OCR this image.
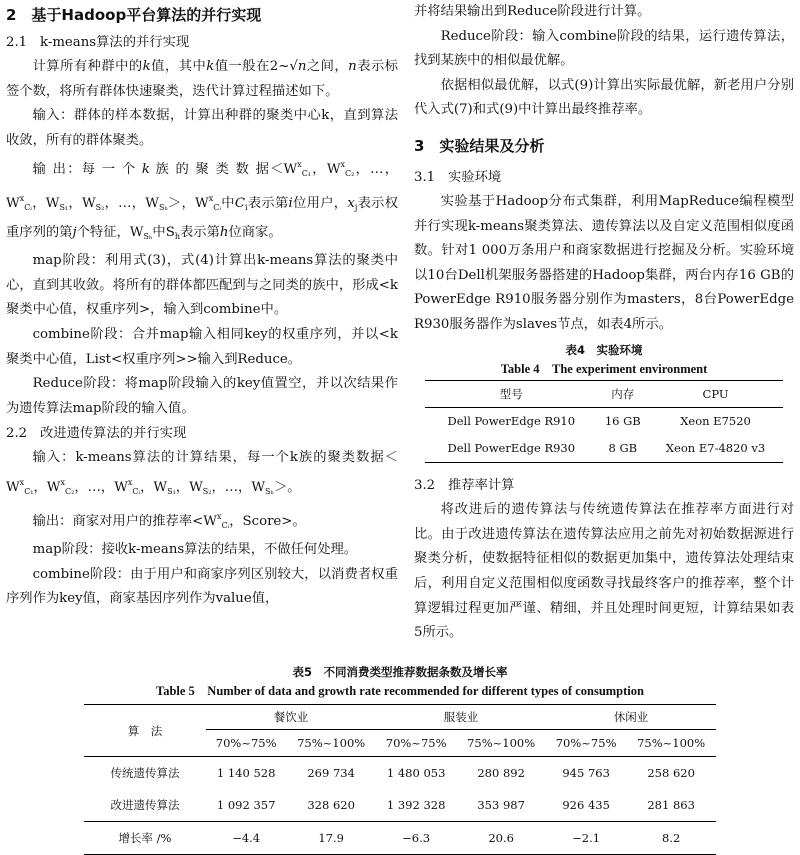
2　基于Hadoop平台算法的并行实现

2.1 k-means算法的并行实现

计算所有种群中的k值，其中k值一般在2~√n之间，n表示标签个数，将所有群体快速聚类，迭代计算过程描述如下。

输入：群体的样本数据，计算出种群的聚类中心k，直到算法收敛，所有的群体聚类。

输 出：每 一 个 k 族 的 聚 类 数 据$<W^x_{C_1}$，$W^x_{C_2}$，…，$W^x_{Cᵢ}$，$W_{S_1}$，$W_{S_2}$，…，$W_{S_h}>$，$W^x_{Cᵢ}$中$C_i$表示第i位用户，$x_j$表示权重序列的第j个特征，$W_{S_h}$中$S_h$表示第h位商家。

map阶段：利用式(3)，式(4)计算出k-means算法的聚类中心，直到其收敛。将所有的群体都匹配到与之同类的族中，形成<k聚类中心值，权重序列>，输入到combine中。

combine阶段：合并map输入相同key的权重序列，并以<k聚类中心值，List<权重序列>>输入到Reduce。

Reduce阶段：将map阶段输入的key值置空，并以次结果作为遗传算法map阶段的输入值。

2.2 改进遗传算法的并行实现

输入：k-means算法的计算结果，每一个k族的聚类数据$<W^x_{C_1}$，$W^x_{C_2}$，…，$W^x_{Cᵢ}$，$W_{S_1}$，$W_{S_2}$，…，$W_{S_h}>$。

输出：商家对用户的推荐率$<W^x_{Cᵢ}$，Score>。

map阶段：接收k-means算法的结果，不做任何处理。

combine阶段：由于用户和商家序列区别较大，以消费者权重序列作为key值，商家基因序列作为value值，

并将结果输出到Reduce阶段进行计算。

Reduce阶段：输入combine阶段的结果，运行遗传算法，找到某族中的相似最优解。

依据相似最优解，以式(9)计算出实际最优解，新老用户分别代入式(7)和式(9)中计算出最终推荐率。

3　实验结果及分析

3.1 实验环境

实验基于Hadoop分布式集群，利用MapReduce编程模型并行实现k-means聚类算法、遗传算法以及自定义范围相似度函数。针对1 000万条用户和商家数据进行挖掘及分析。实验环境以10台Dell机架服务器搭建的Hadoop集群，两台内存16 GB的PowerEdge R910服务器分别作为masters，8台PowerEdge R930服务器作为slaves节点，如表4所示。

表4　实验环境

Table 4　The experiment environment

型号	内存	CPU
Dell PowerEdge R910	16 GB	Xeon E7520
Dell PowerEdge R930	8 GB	Xeon E7-4820 v3

3.2 推荐率计算

将改进后的遗传算法与传统遗传算法在推荐率方面进行对比。由于改进遗传算法在遗传算法应用之前先对初始数据源进行聚类分析，使数据特征相似的数据更加集中，遗传算法处理结束后，利用自定义范围相似度函数寻找最终客户的推荐率，整个计算逻辑过程更加严谨、精细，并且处理时间更短，计算结果如表5所示。

表5　不同消费类型推荐数据条数及增长率

Table 5　Number of data and growth rate recommended for different types of consumption

算　法	餐饮业		服装业		休闲业	
	70%~75%	75%~100%	70%~75%	75%~100%	70%~75%	75%~100%
传统遗传算法	1 140 528	269 734	1 480 053	280 892	945 763	258 620
改进遗传算法	1 092 357	328 620	1 392 328	353 987	926 435	281 863
增长率 /%	−4.4	17.9	−6.3	20.6	−2.1	8.2
